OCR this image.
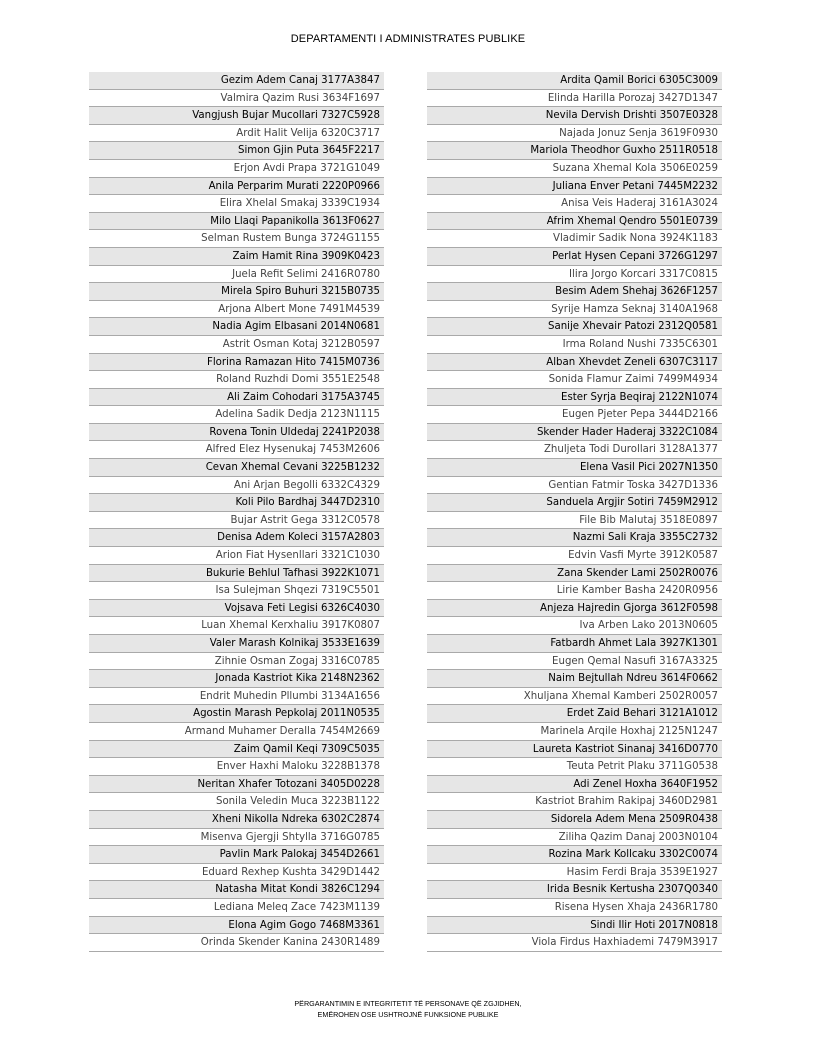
DEPARTAMENTI I ADMINISTRATES PUBLIKE
Gezim Adem Canaj 3177A3847
Valmira Qazim Rusi 3634F1697
Vangjush Bujar Mucollari 7327C5928
Ardit Halit Velija 6320C3717
Simon Gjin Puta 3645F2217
Erjon Avdi Prapa 3721G1049
Anila Perparim Murati 2220P0966
Elira Xhelal Smakaj 3339C1934
Milo Llaqi Papanikolla 3613F0627
Selman Rustem Bunga 3724G1155
Zaim Hamit Rina 3909K0423
Juela Refit Selimi 2416R0780
Mirela Spiro Buhuri 3215B0735
Arjona Albert Mone 7491M4539
Nadia Agim Elbasani 2014N0681
Astrit Osman Kotaj 3212B0597
Florina Ramazan Hito 7415M0736
Roland Ruzhdi Domi 3551E2548
Ali Zaim Cohodari 3175A3745
Adelina Sadik Dedja 2123N1115
Rovena Tonin Uldedaj 2241P2038
Alfred Elez Hysenukaj 7453M2606
Cevan Xhemal Cevani 3225B1232
Ani Arjan Begolli 6332C4329
Koli Pilo Bardhaj 3447D2310
Bujar Astrit Gega 3312C0578
Denisa Adem Koleci 3157A2803
Arion Fiat Hysenllari 3321C1030
Bukurie Behlul Tafhasi 3922K1071
Isa Sulejman Shqezi 7319C5501
Vojsava Feti Legisi 6326C4030
Luan Xhemal Kerxhaliu 3917K0807
Valer Marash Kolnikaj 3533E1639
Zihnie Osman Zogaj 3316C0785
Jonada Kastriot Kika 2148N2362
Endrit Muhedin Pllumbi 3134A1656
Agostin Marash Pepkolaj 2011N0535
Armand Muhamer Deralla 7454M2669
Zaim Qamil Keqi 7309C5035
Enver Haxhi Maloku 3228B1378
Neritan Xhafer Totozani 3405D0228
Sonila Veledin Muca 3223B1122
Xheni Nikolla Ndreka 6302C2874
Misenva Gjergji Shtylla 3716G0785
Pavlin Mark Palokaj 3454D2661
Eduard Rexhep Kushta 3429D1442
Natasha Mitat Kondi 3826C1294
Lediana Meleq Zace 7423M1139
Elona Agim Gogo 7468M3361
Orinda Skender Kanina 2430R1489
Ardita Qamil Borici 6305C3009
Elinda Harilla Porozaj 3427D1347
Nevila Dervish Drishti 3507E0328
Najada Jonuz Senja 3619F0930
Mariola Theodhor Guxho 2511R0518
Suzana Xhemal Kola 3506E0259
Juliana Enver Petani 7445M2232
Anisa Veis Haderaj 3161A3024
Afrim Xhemal Qendro 5501E0739
Vladimir Sadik Nona 3924K1183
Perlat Hysen Cepani 3726G1297
Ilira Jorgo Korcari 3317C0815
Besim Adem Shehaj 3626F1257
Syrije Hamza Seknaj 3140A1968
Sanije Xhevair Patozi 2312Q0581
Irma Roland Nushi 7335C6301
Alban Xhevdet Zeneli 6307C3117
Sonida Flamur Zaimi 7499M4934
Ester Syrja Beqiraj 2122N1074
Eugen Pjeter Pepa 3444D2166
Skender Hader Haderaj 3322C1084
Zhuljeta Todi Durollari 3128A1377
Elena Vasil Pici 2027N1350
Gentian Fatmir Toska 3427D1336
Sanduela Argjir Sotiri 7459M2912
File Bib Malutaj 3518E0897
Nazmi Sali Kraja 3355C2732
Edvin Vasfi Myrte 3912K0587
Zana Skender Lami 2502R0076
Lirie Kamber Basha 2420R0956
Anjeza Hajredin Gjorga 3612F0598
Iva Arben Lako 2013N0605
Fatbardh Ahmet Lala 3927K1301
Eugen Qemal Nasufi 3167A3325
Naim Bejtullah Ndreu 3614F0662
Xhuljana Xhemal Kamberi 2502R0057
Erdet Zaid Behari 3121A1012
Marinela Arqile Hoxhaj 2125N1247
Laureta Kastriot Sinanaj 3416D0770
Teuta Petrit Plaku 3711G0538
Adi Zenel Hoxha 3640F1952
Kastriot Brahim Rakipaj 3460D2981
Sidorela Adem Mena 2509R0438
Ziliha Qazim Danaj 2003N0104
Rozina Mark Kollcaku 3302C0074
Hasim Ferdi Braja 3539E1927
Irida Besnik Kertusha 2307Q0340
Risena Hysen Xhaja 2436R1780
Sindi Ilir Hoti 2017N0818
Viola Firdus Haxhiademi 7479M3917
PËRGARANTIMIN E INTEGRITETIT TË PERSONAVE QË ZGJIDHEN,
EMËROHEN OSE USHTROJNË FUNKSIONE PUBLIKE
